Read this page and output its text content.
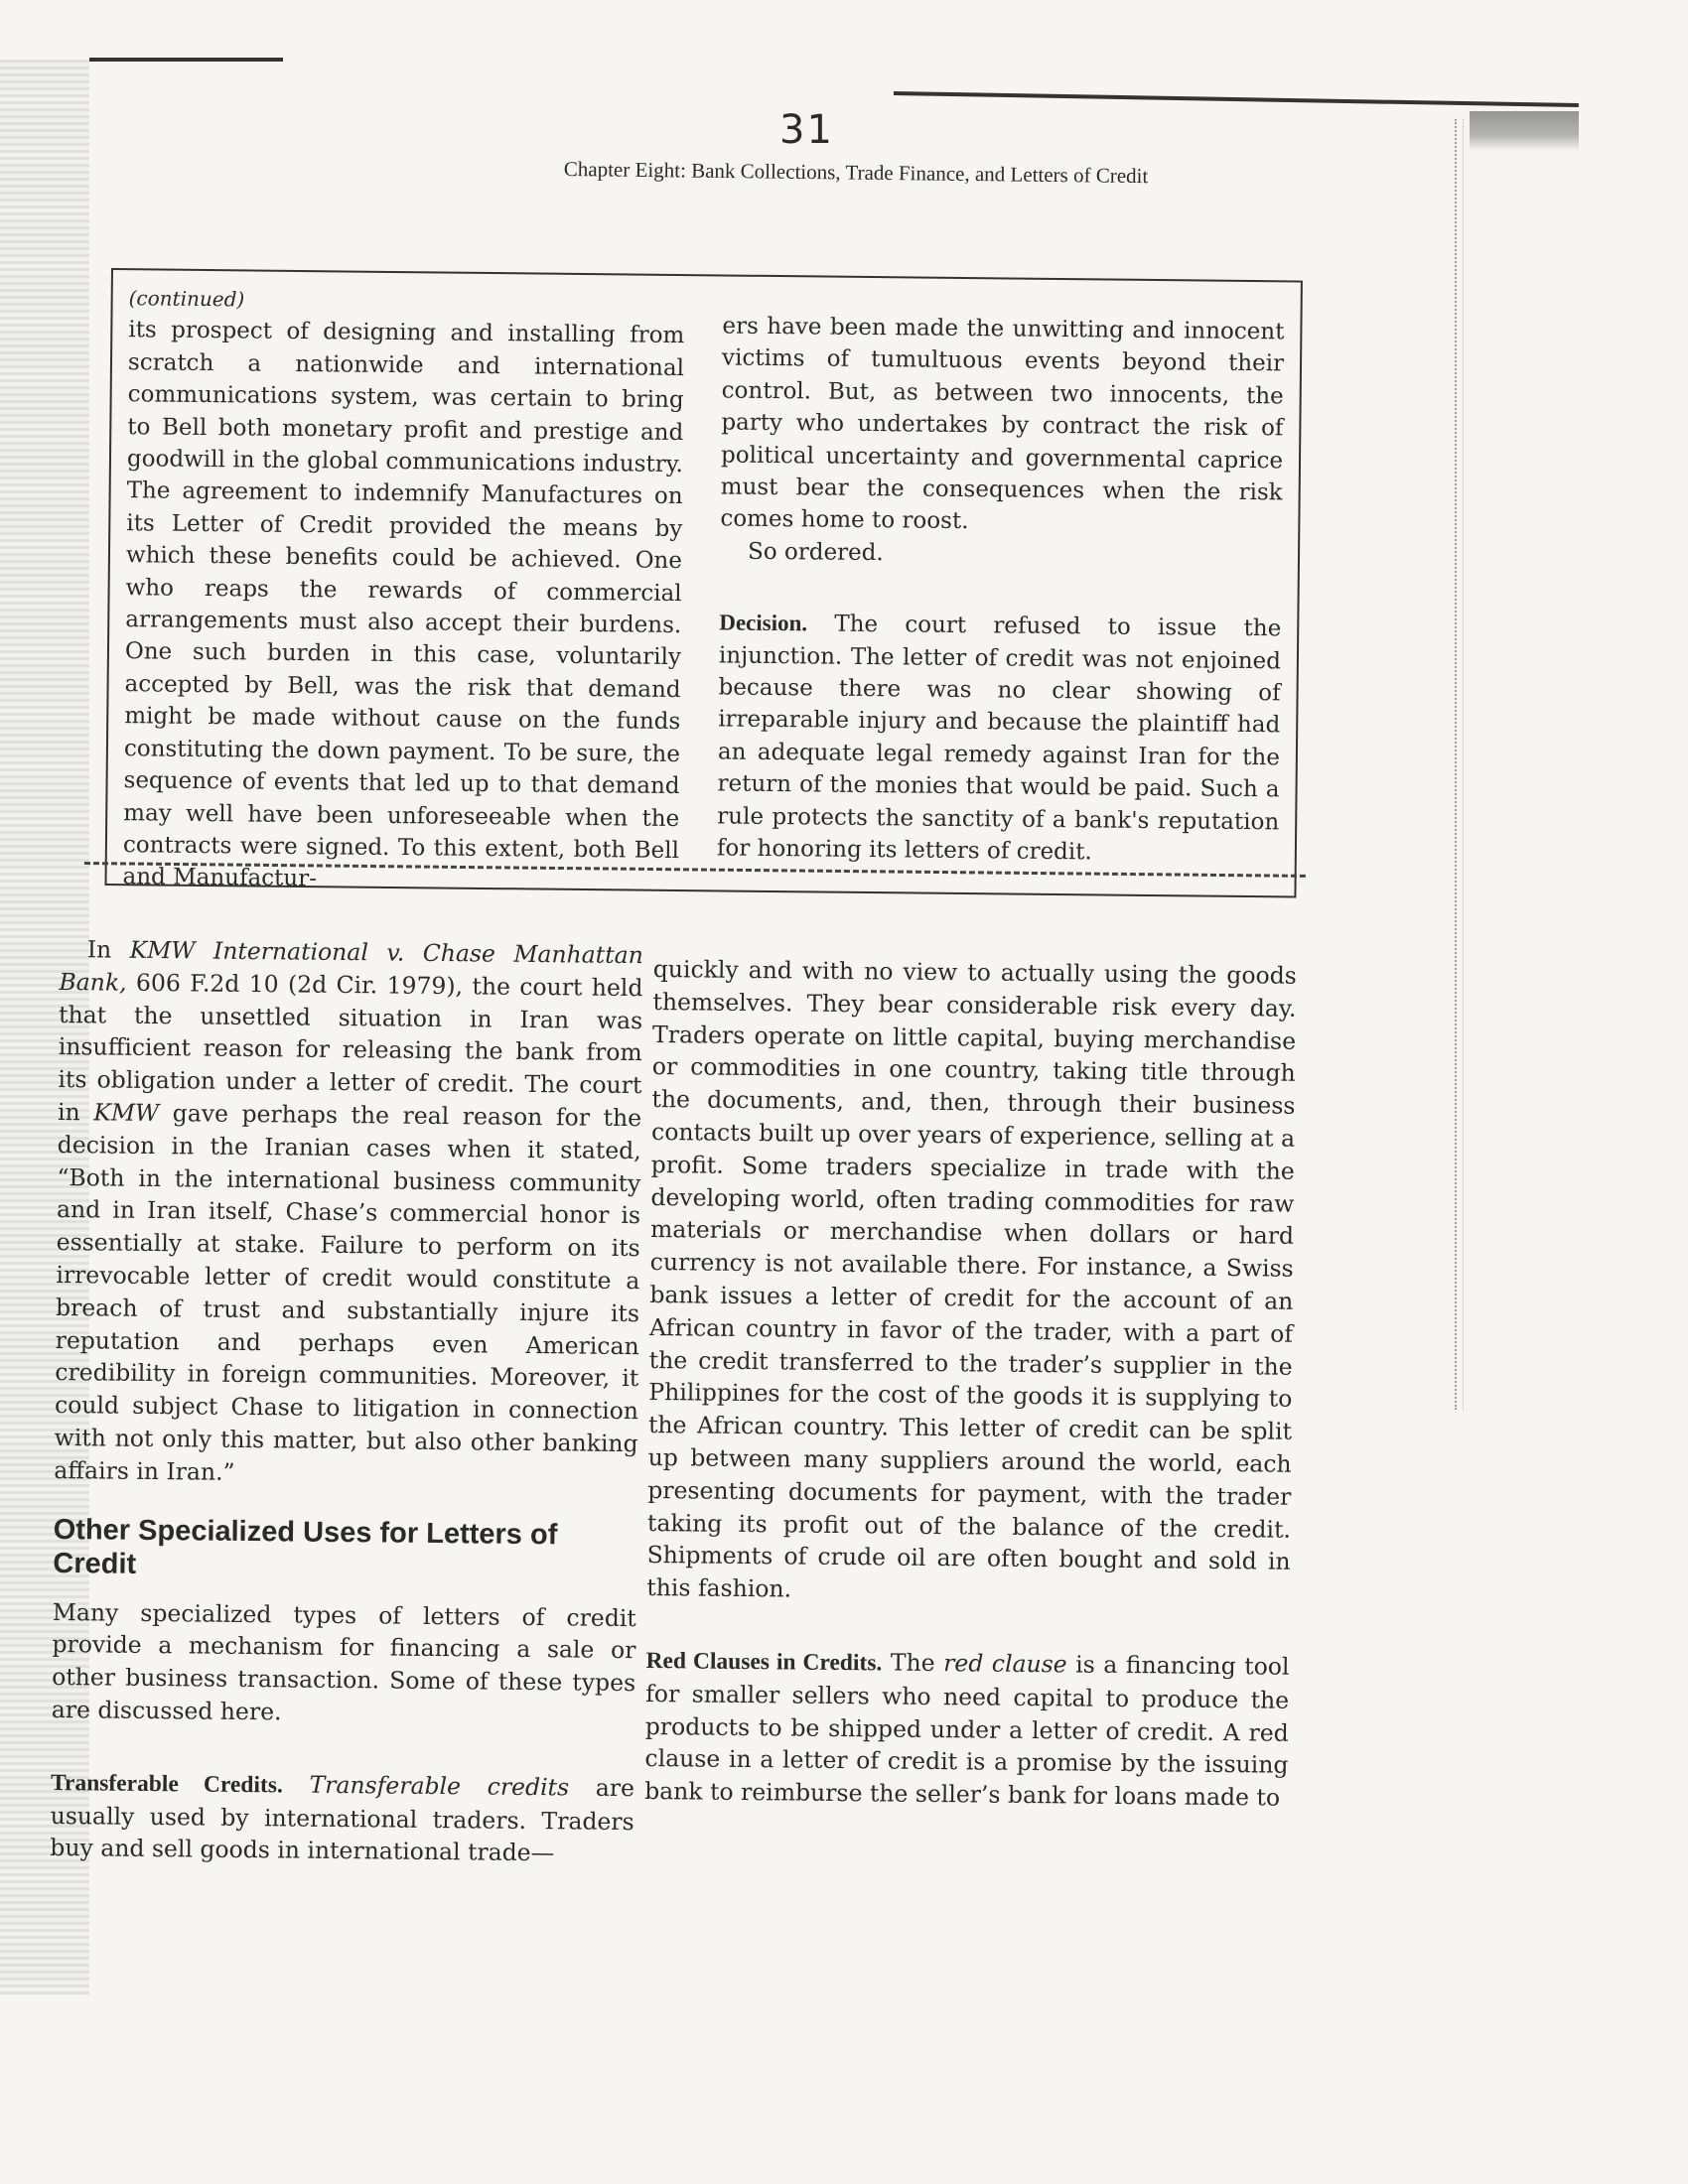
31
Chapter Eight: Bank Collections, Trade Finance, and Letters of Credit

(continued)

its prospect of designing and installing from scratch a nationwide and international communications system, was certain to bring to Bell both monetary profit and prestige and goodwill in the global communications industry. The agreement to indemnify Manufactures on its Letter of Credit provided the means by which these benefits could be achieved. One who reaps the rewards of commercial arrangements must also accept their burdens. One such burden in this case, voluntarily accepted by Bell, was the risk that demand might be made without cause on the funds constituting the down payment. To be sure, the sequence of events that led up to that demand may well have been unforeseeable when the contracts were signed. To this extent, both Bell and Manufactur-

ers have been made the unwitting and innocent victims of tumultuous events beyond their control. But, as between two innocents, the party who undertakes by contract the risk of political uncertainty and governmental caprice must bear the consequences when the risk comes home to roost.

So ordered.

Decision. The court refused to issue the injunction. The letter of credit was not enjoined because there was no clear showing of irreparable injury and because the plaintiff had an adequate legal remedy against Iran for the return of the monies that would be paid. Such a rule protects the sanctity of a bank's reputation for honoring its letters of credit.

In KMW International v. Chase Manhattan Bank, 606 F.2d 10 (2d Cir. 1979), the court held that the unsettled situation in Iran was insufficient reason for releasing the bank from its obligation under a letter of credit. The court in KMW gave perhaps the real reason for the decision in the Iranian cases when it stated, “Both in the international business community and in Iran itself, Chase’s commercial honor is essentially at stake. Failure to perform on its irrevocable letter of credit would constitute a breach of trust and substantially injure its reputation and perhaps even American credibility in foreign communities. Moreover, it could subject Chase to litigation in connection with not only this matter, but also other banking affairs in Iran.”

Other Specialized Uses for Letters of Credit

Many specialized types of letters of credit provide a mechanism for financing a sale or other business transaction. Some of these types are discussed here.

Transferable Credits. Transferable credits are usually used by international traders. Traders buy and sell goods in international trade—

quickly and with no view to actually using the goods themselves. They bear considerable risk every day. Traders operate on little capital, buying merchandise or commodities in one country, taking title through the documents, and, then, through their business contacts built up over years of experience, selling at a profit. Some traders specialize in trade with the developing world, often trading commodities for raw materials or merchandise when dollars or hard currency is not available there. For instance, a Swiss bank issues a letter of credit for the account of an African country in favor of the trader, with a part of the credit transferred to the trader’s supplier in the Philippines for the cost of the goods it is supplying to the African country. This letter of credit can be split up between many suppliers around the world, each presenting documents for payment, with the trader taking its profit out of the balance of the credit. Shipments of crude oil are often bought and sold in this fashion.

Red Clauses in Credits. The red clause is a financing tool for smaller sellers who need capital to produce the products to be shipped under a letter of credit. A red clause in a letter of credit is a promise by the issuing bank to reimburse the seller’s bank for loans made to
